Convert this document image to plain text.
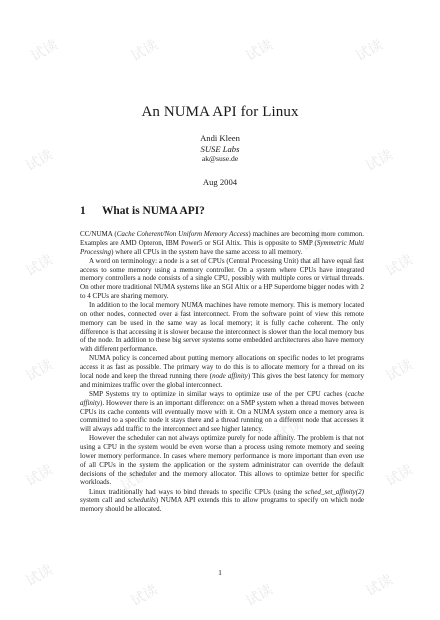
试读	试读	试读	试读
试读	试读
试读	试读
试读	试读
试读	试读
试读
试读	试读	试读
试读
试读
试读
试读
An NUMA API for Linux
Andi Kleen
SUSE Labs
ak@suse.de
Aug 2004
1 What is NUMA API?

CC/NUMA (Cache Coherent/Non Uniform Memory Access) machines are becoming more common. Examples are AMD Opteron, IBM Power5 or SGI Altix. This is opposite to SMP (Symmetric Multi Processing) where all CPUs in the system have the same access to all memory.

A word on terminology: a node is a set of CPUs (Central Processing Unit) that all have equal fast access to some memory using a memory controller. On a system where CPUs have integrated memory controllers a node consists of a single CPU, possibly with multiple cores or virtual threads. On other more traditional NUMA systems like an SGI Altix or a HP Superdome bigger nodes with 2 to 4 CPUs are sharing memory.

In addition to the local memory NUMA machines have remote memory. This is memory located on other nodes, connected over a fast interconnect. From the software point of view this remote memory can be used in the same way as local memory; it is fully cache coherent. The only difference is that accessing it is slower because the interconnect is slower than the local memory bus of the node. In addition to these big server systems some embedded architectures also have memory with different performance.

NUMA policy is concerned about putting memory allocations on specific nodes to let programs access it as fast as possible. The primary way to do this is to allocate memory for a thread on its local node and keep the thread running there (node affinity) This gives the best latency for memory and minimizes traffic over the global interconnect.

SMP Systems try to optimize in similar ways to optimize use of the per CPU caches (cache affinity). However there is an important difference: on a SMP system when a thread moves between CPUs its cache contents will eventually move with it. On a NUMA system once a memory area is committed to a specific node it stays there and a thread running on a different node that accesses it will always add traffic to the interconnect and see higher latency.

However the scheduler can not always optimize purely for node affinity. The problem is that not using a CPU in the system would be even worse than a process using remote memory and seeing lower memory performance. In cases where memory performance is more important than even use of all CPUs in the system the application or the system administrator can override the default decisions of the scheduler and the memory allocator. This allows to optimize better for specific workloads.

Linux traditionally had ways to bind threads to specific CPUs (using the sched_set_affinity(2) system call and schedutils) NUMA API extends this to allow programs to specify on which node memory should be allocated.

1
